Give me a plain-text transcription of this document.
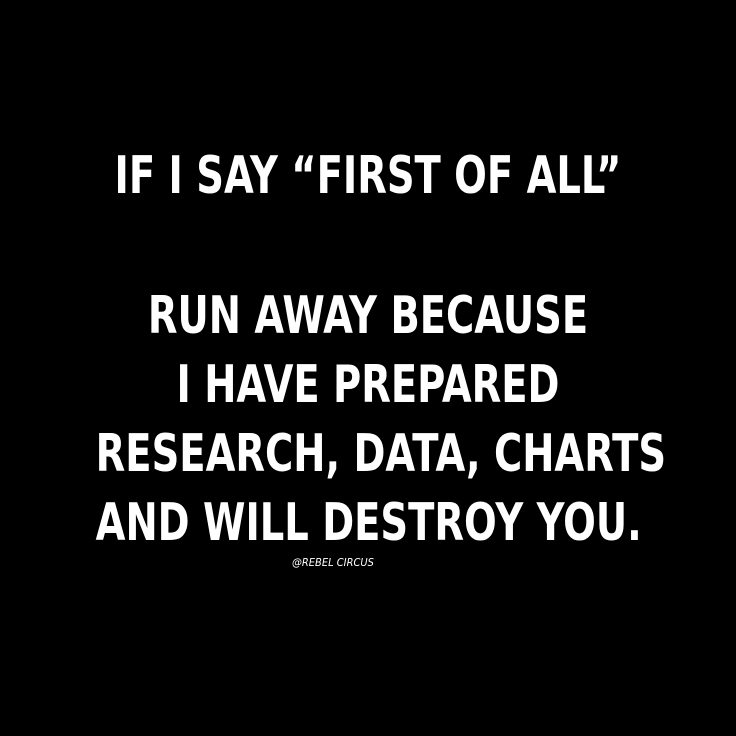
IF I SAY “FIRST OF ALL”
RUN AWAY BECAUSE
I HAVE PREPARED
RESEARCH, DATA, CHARTS
AND WILL DESTROY YOU.
@REBEL CIRCUS
